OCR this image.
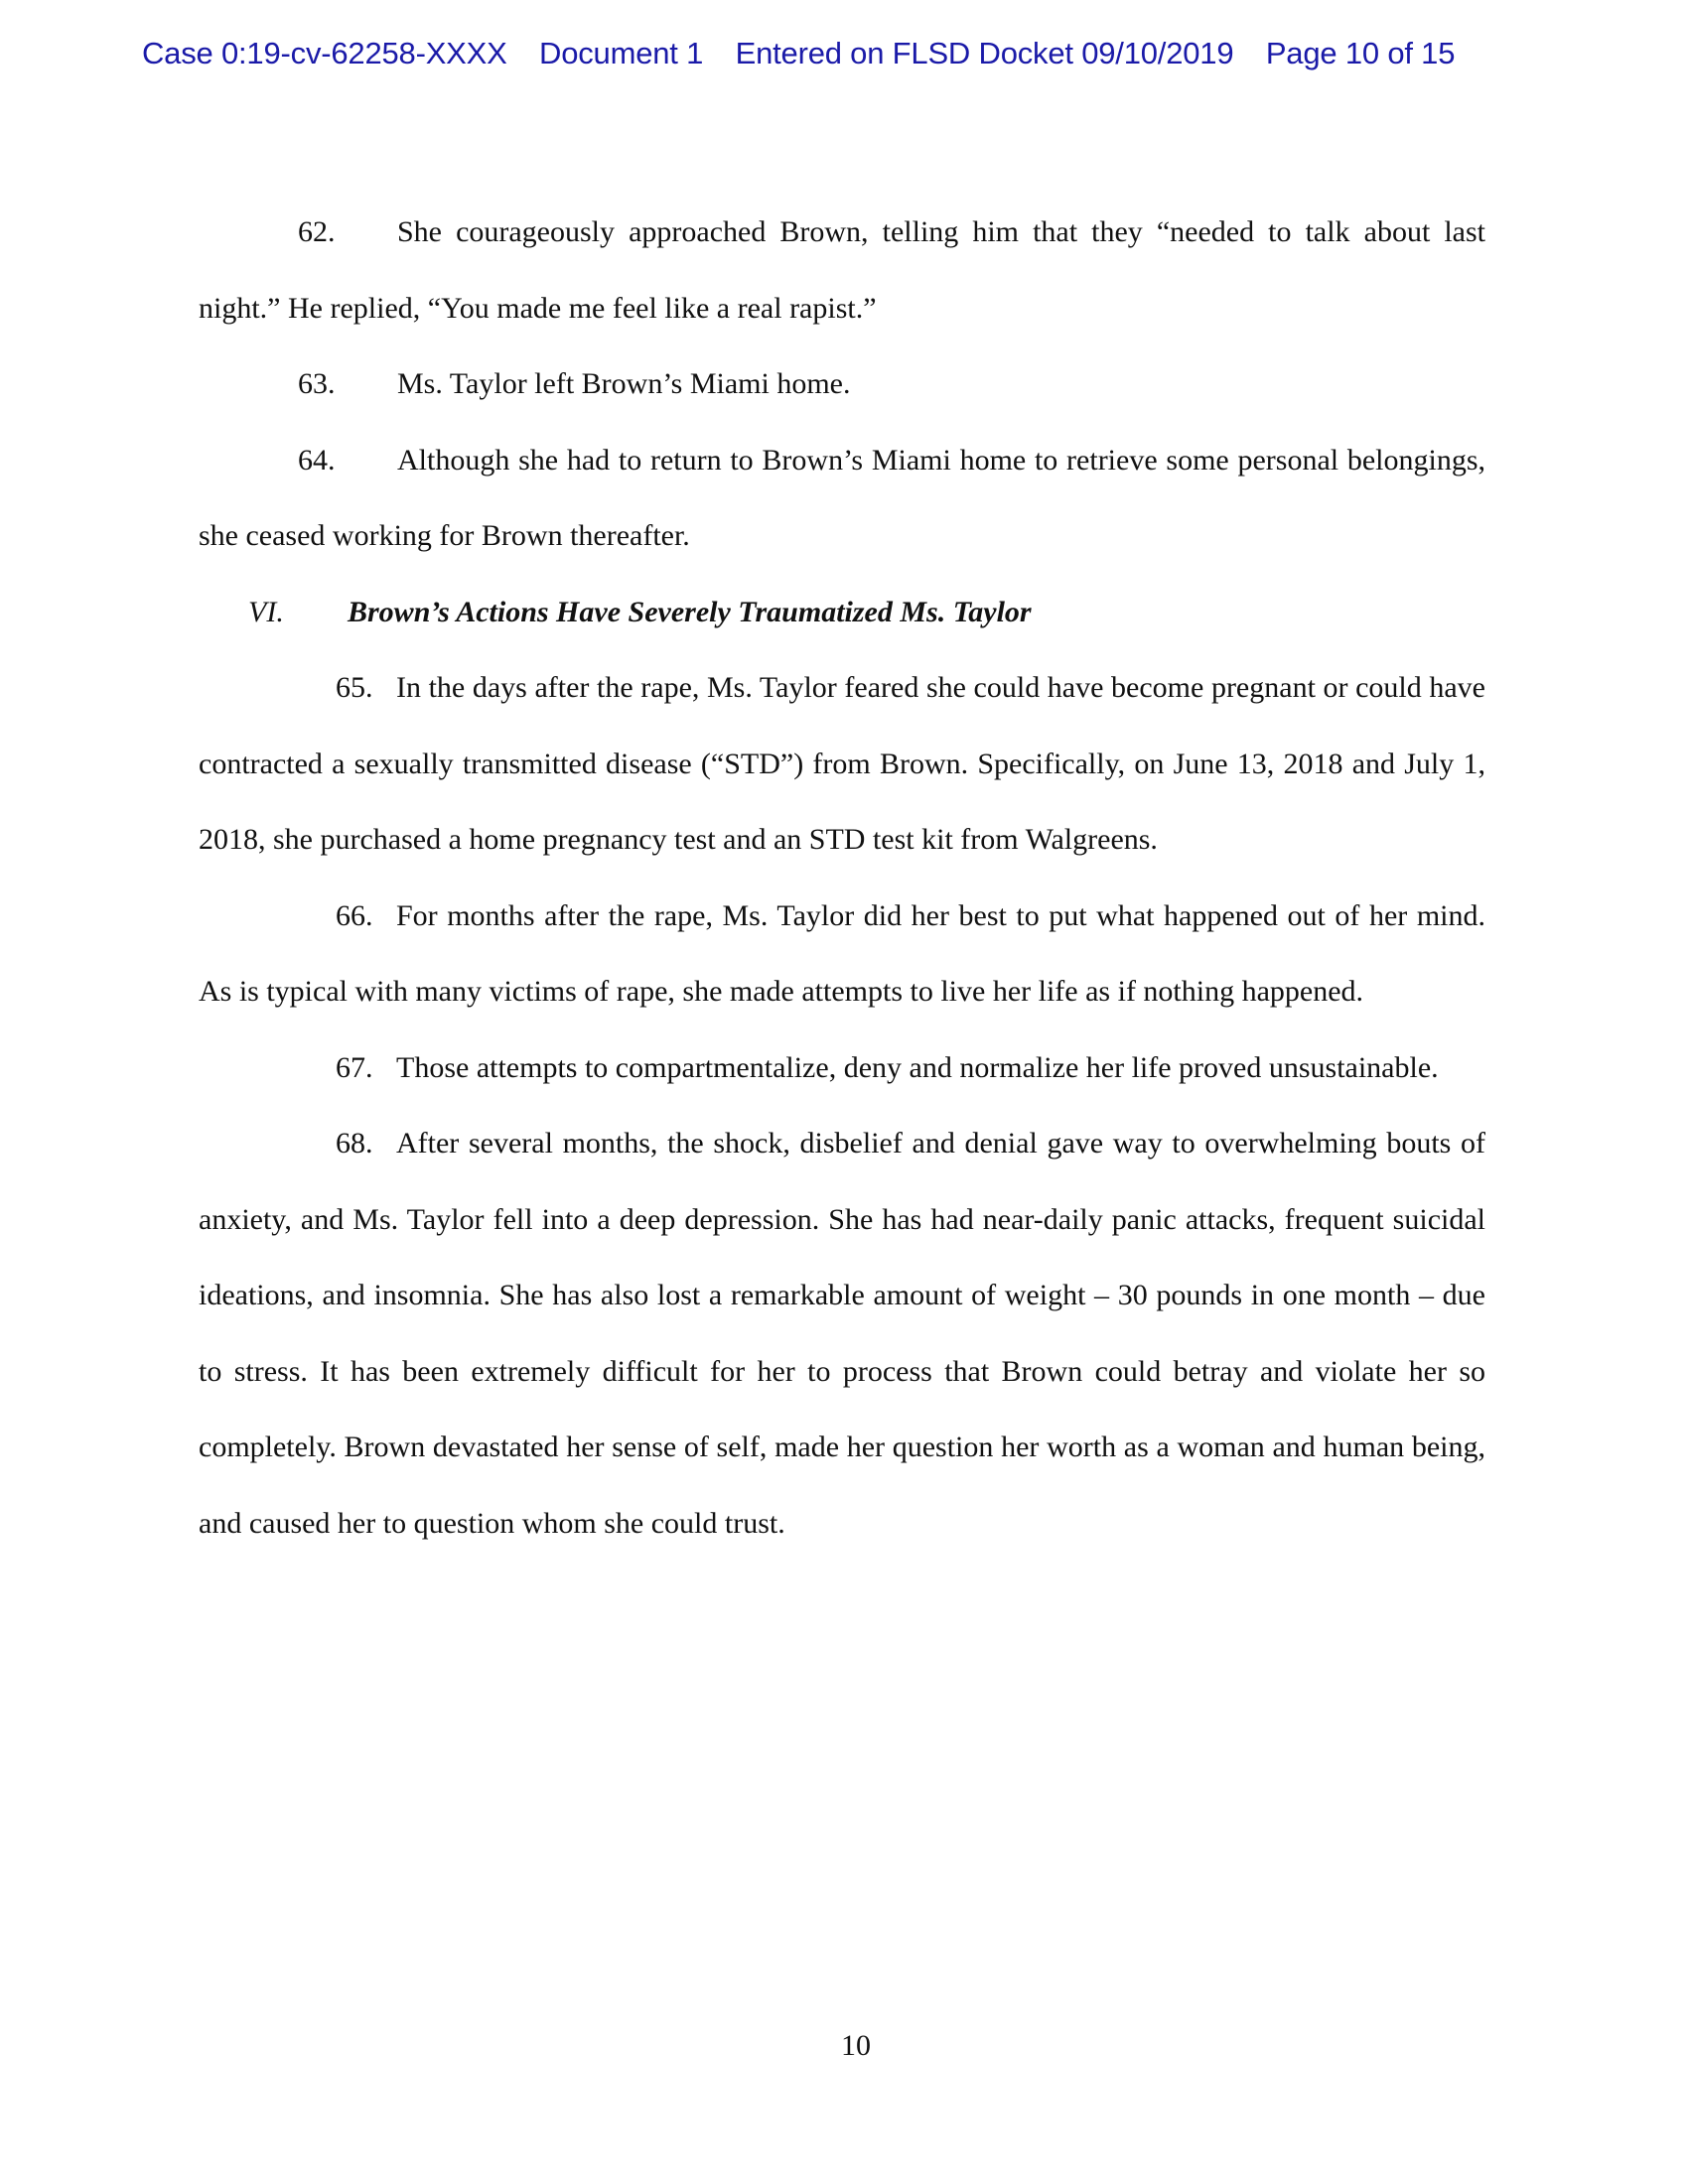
Case 0:19-cv-62258-XXXX Document 1 Entered on FLSD Docket 09/10/2019 Page 10 of 15

62. She courageously approached Brown, telling him that they “needed to talk about last night.” He replied, “You made me feel like a real rapist.”

63. Ms. Taylor left Brown’s Miami home.

64. Although she had to return to Brown’s Miami home to retrieve some personal belongings, she ceased working for Brown thereafter.

VI. Brown’s Actions Have Severely Traumatized Ms. Taylor

65. In the days after the rape, Ms. Taylor feared she could have become pregnant or could have contracted a sexually transmitted disease (“STD”) from Brown. Specifically, on June 13, 2018 and July 1, 2018, she purchased a home pregnancy test and an STD test kit from Walgreens.

66. For months after the rape, Ms. Taylor did her best to put what happened out of her mind. As is typical with many victims of rape, she made attempts to live her life as if nothing happened.

67. Those attempts to compartmentalize, deny and normalize her life proved unsustainable.

68. After several months, the shock, disbelief and denial gave way to overwhelming bouts of anxiety, and Ms. Taylor fell into a deep depression. She has had near-daily panic attacks, frequent suicidal ideations, and insomnia. She has also lost a remarkable amount of weight – 30 pounds in one month – due to stress. It has been extremely difficult for her to process that Brown could betray and violate her so completely. Brown devastated her sense of self, made her question her worth as a woman and human being, and caused her to question whom she could trust.

10
